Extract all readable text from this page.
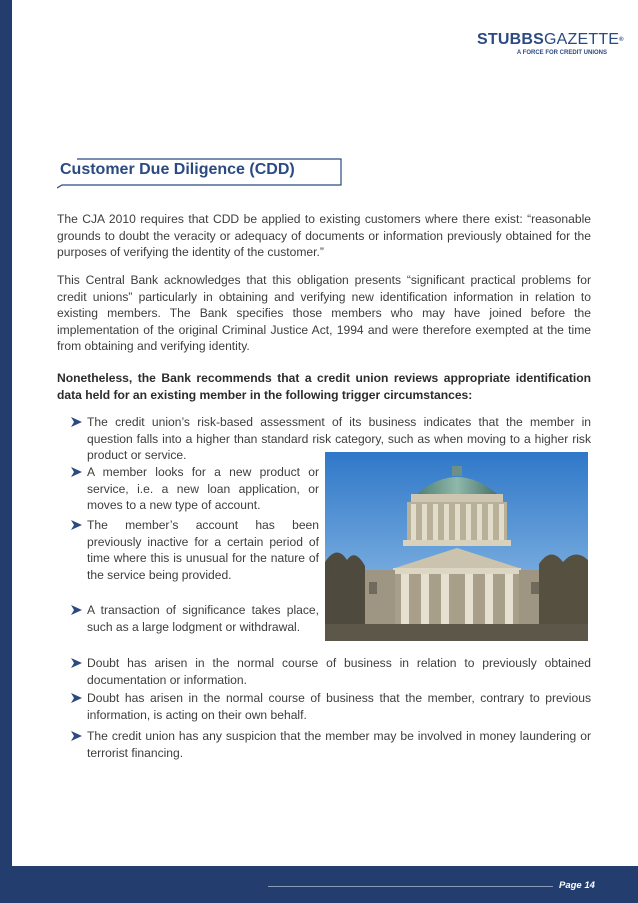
STUBBSGAZETTE®
A FORCE FOR CREDIT UNIONS
Customer Due Diligence (CDD)

The CJA 2010 requires that CDD be applied to existing customers where there exist: “reasonable grounds to doubt the veracity or adequacy of documents or information previously obtained for the purposes of verifying the identity of the customer.”

This Central Bank acknowledges that this obligation presents “significant practical problems for credit unions” particularly in obtaining and verifying new identification information in relation to existing members. The Bank specifies those members who may have joined before the implementation of the original Criminal Justice Act, 1994 and were therefore exempted at the time from obtaining and verifying identity.

Nonetheless, the Bank recommends that a credit union reviews appropriate identification data held for an existing member in the following trigger circumstances:

The credit union’s risk-based assessment of its business indicates that the member in question falls into a higher than standard risk category, such as when moving to a higher risk product or service.
A member looks for a new product or service, i.e. a new loan application, or moves to a new type of account.
The member’s account has been previously inactive for a certain period of time where this is unusual for the nature of the service being provided.
A transaction of significance takes place, such as a large lodgment or withdrawal.
Doubt has arisen in the normal course of business in relation to previously obtained documentation or information.
Doubt has arisen in the normal course of business that the member, contrary to previous information, is acting on their own behalf.
The credit union has any suspicion that the member may be involved in money laundering or terrorist financing.
Page 14
